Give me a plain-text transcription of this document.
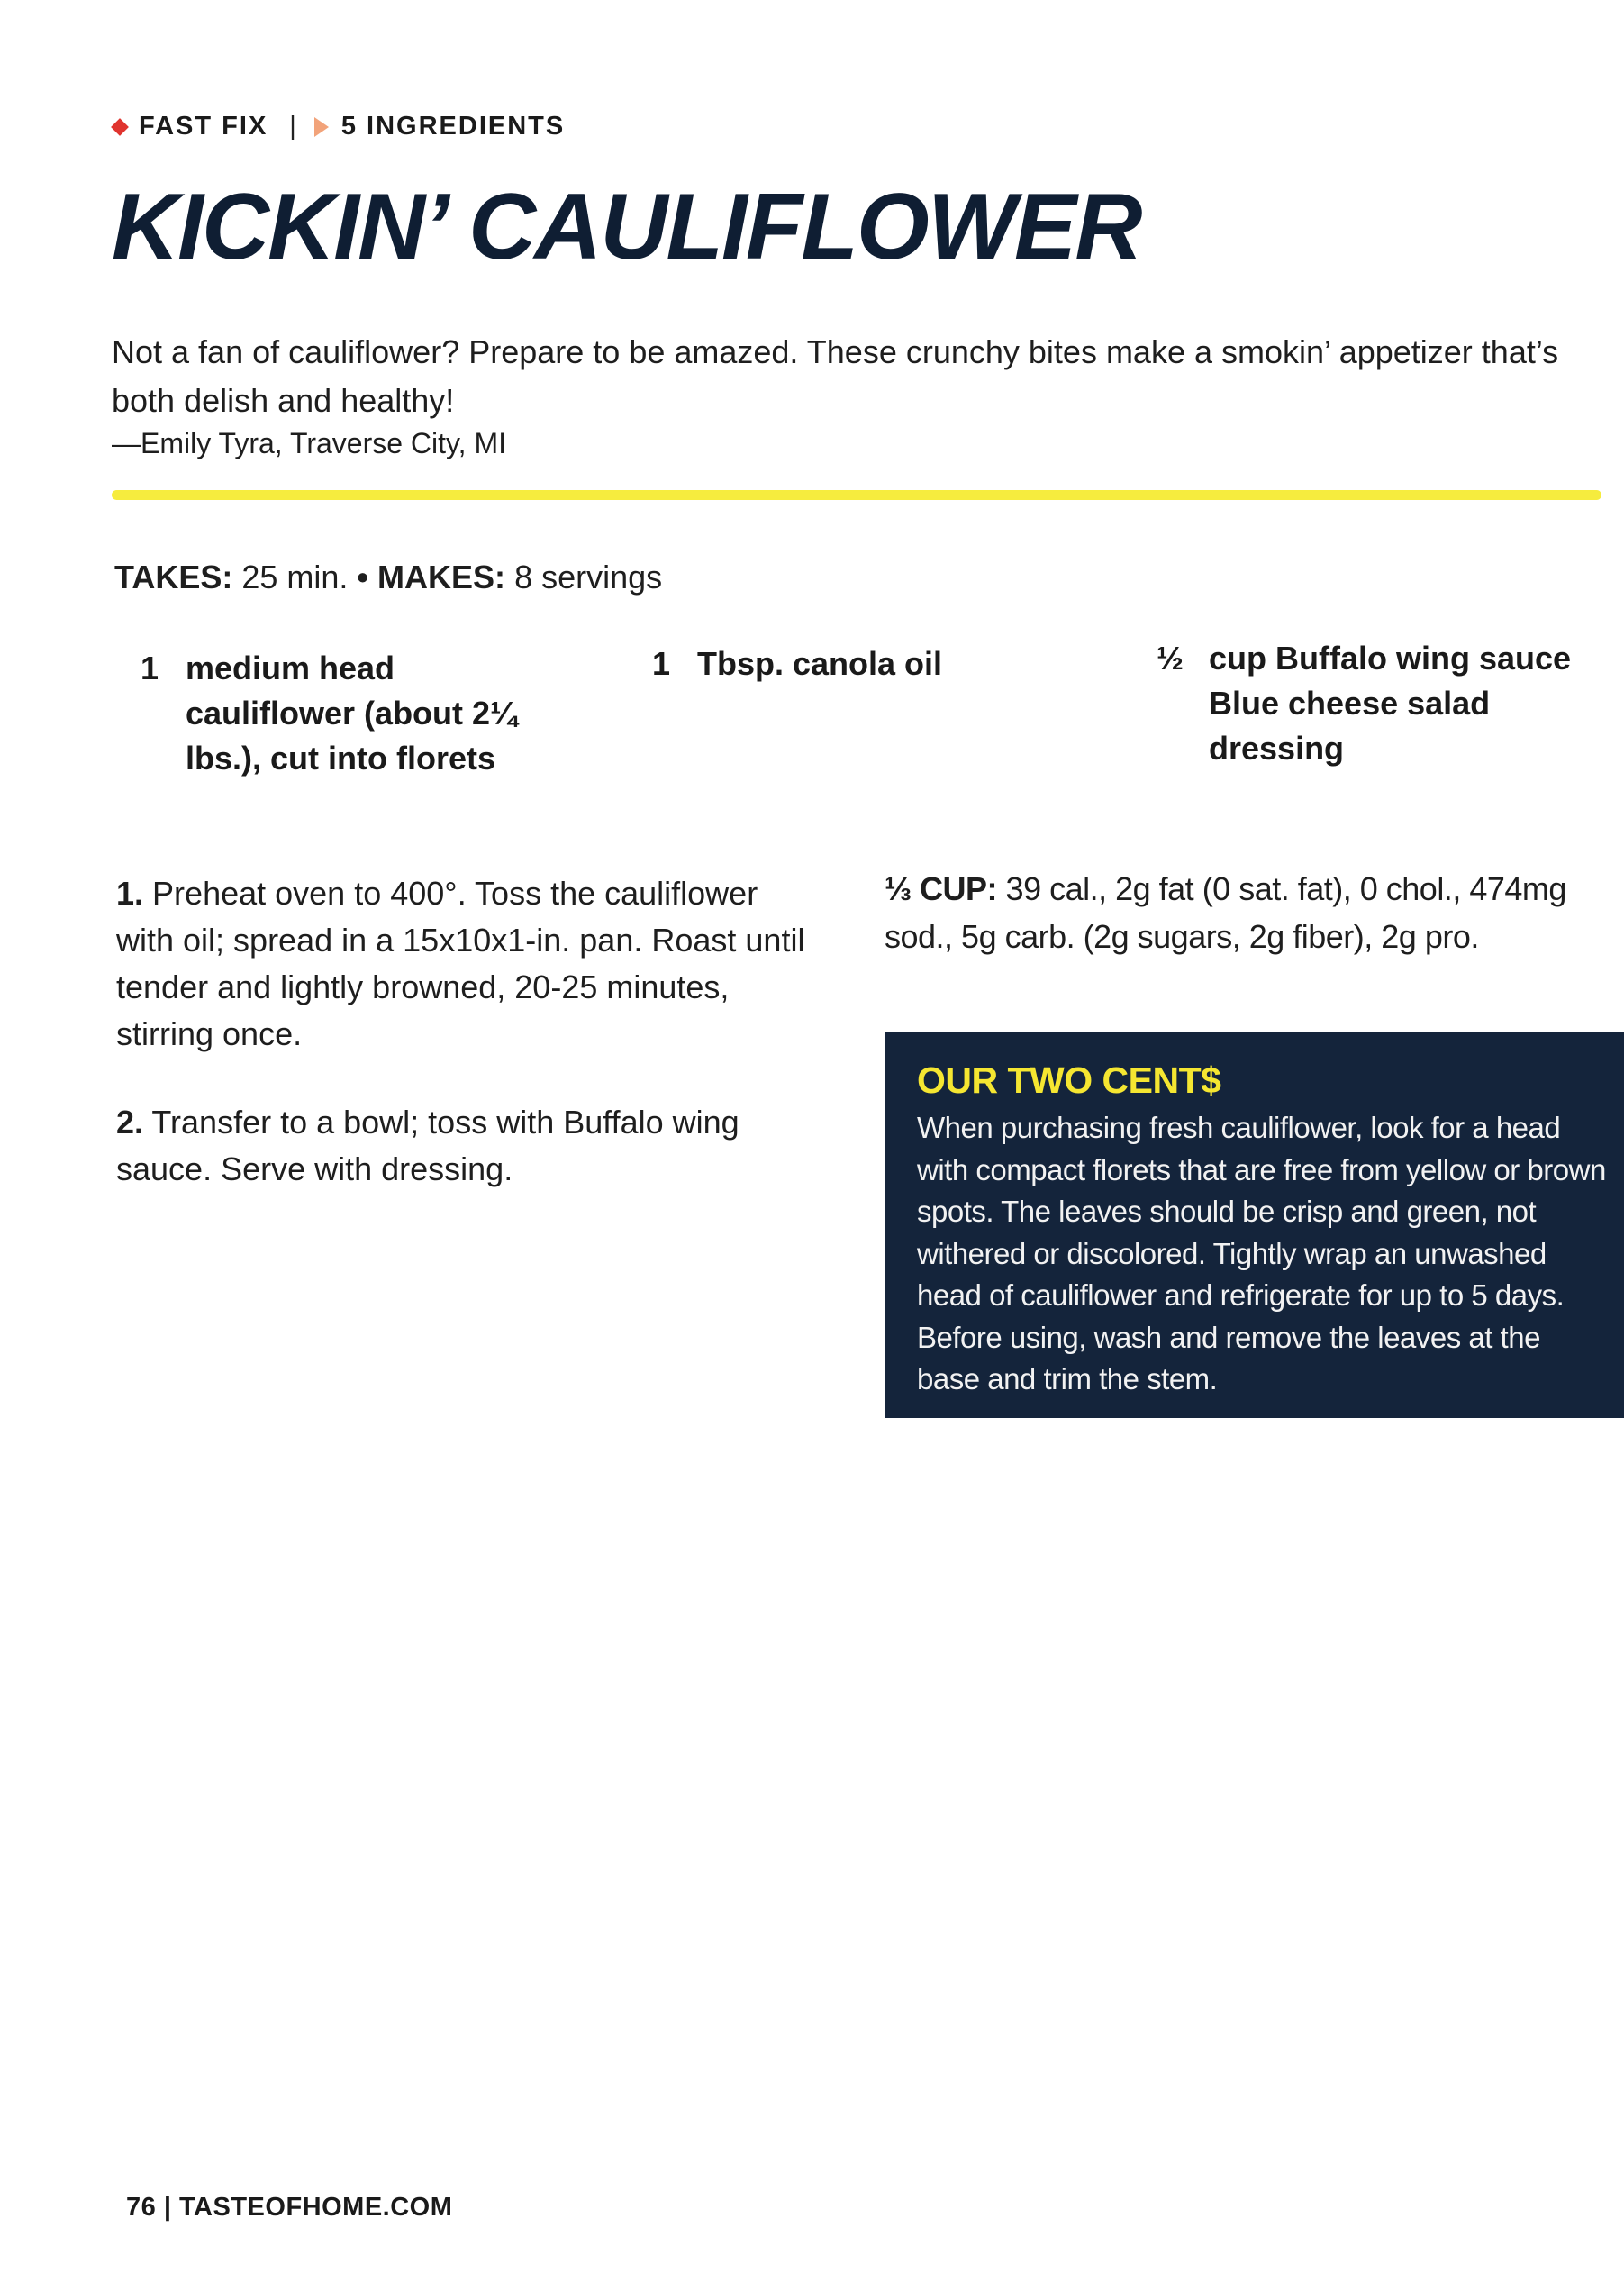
FAST FIX | 5 INGREDIENTS
KICKIN’ CAULIFLOWER
Not a fan of cauliflower? Prepare to be amazed. These crunchy bites make a smokin’ appetizer that’s both delish and healthy!
—Emily Tyra, Traverse City, MI
TAKES: 25 min. • MAKES: 8 servings
1 medium head cauliflower (about 2¼ lbs.), cut into florets
1 Tbsp. canola oil	½ cup Buffalo wing sauce Blue cheese salad dressing
1. Preheat oven to 400°. Toss the cauliflower with oil; spread in a 15x10x1-in. pan. Roast until tender and lightly browned, 20-25 minutes, stirring once.
2. Transfer to a bowl; toss with Buffalo wing sauce. Serve with dressing.
⅓ CUP: 39 cal., 2g fat (0 sat. fat), 0 chol., 474mg sod., 5g carb. (2g sugars, 2g fiber), 2g pro.
OUR TWO CENT$
When purchasing fresh cauliflower, look for a head with compact florets that are free from yellow or brown spots. The leaves should be crisp and green, not withered or discolored. Tightly wrap an unwashed head of cauliflower and refrigerate for up to 5 days. Before using, wash and remove the leaves at the base and trim the stem.
76 | TASTEOFHOME.COM
